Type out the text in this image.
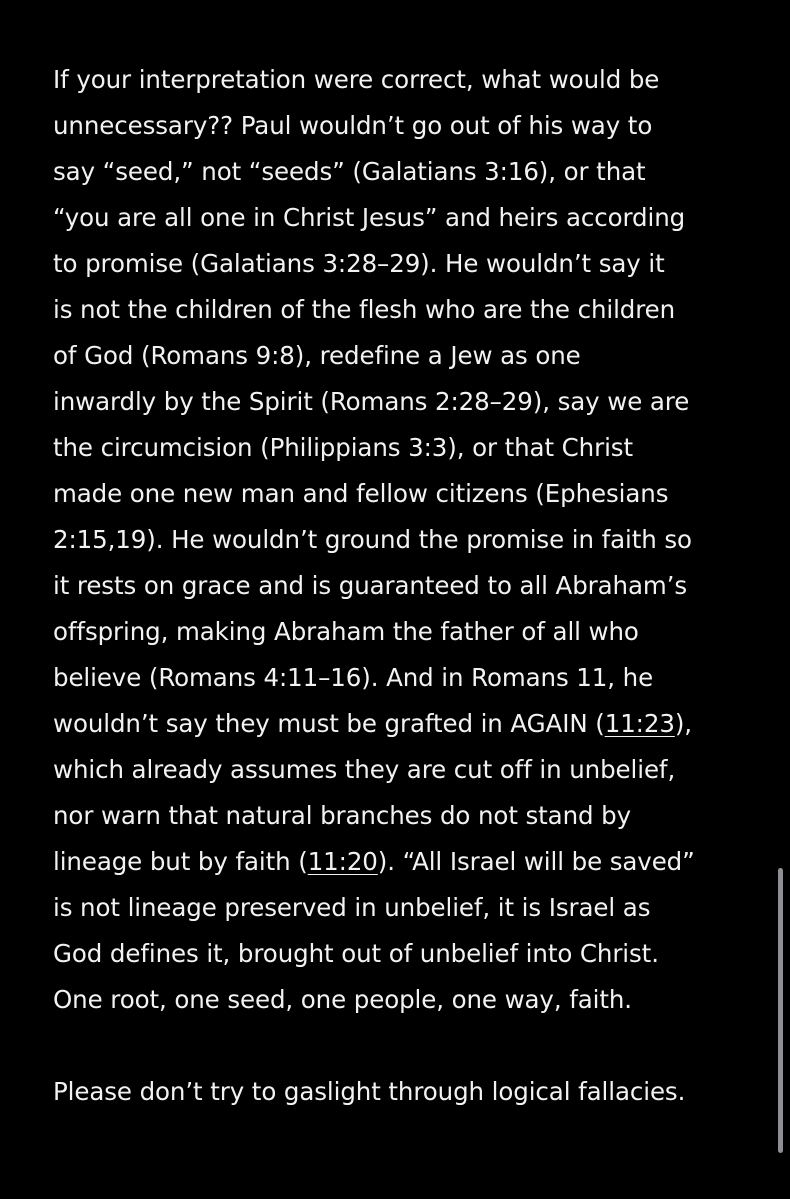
If your interpretation were correct, what would be
unnecessary?? Paul wouldn’t go out of his way to
say “seed,” not “seeds” (Galatians 3:16), or that
“you are all one in Christ Jesus” and heirs according
to promise (Galatians 3:28–29). He wouldn’t say it
is not the children of the flesh who are the children
of God (Romans 9:8), redefine a Jew as one
inwardly by the Spirit (Romans 2:28–29), say we are
the circumcision (Philippians 3:3), or that Christ
made one new man and fellow citizens (Ephesians
2:15,19). He wouldn’t ground the promise in faith so
it rests on grace and is guaranteed to all Abraham’s
offspring, making Abraham the father of all who
believe (Romans 4:11–16). And in Romans 11, he
wouldn’t say they must be grafted in AGAIN (11:23),
which already assumes they are cut off in unbelief,
nor warn that natural branches do not stand by
lineage but by faith (11:20). “All Israel will be saved”
is not lineage preserved in unbelief, it is Israel as
God defines it, brought out of unbelief into Christ.
One root, one seed, one people, one way, faith.
Please don’t try to gaslight through logical fallacies.
